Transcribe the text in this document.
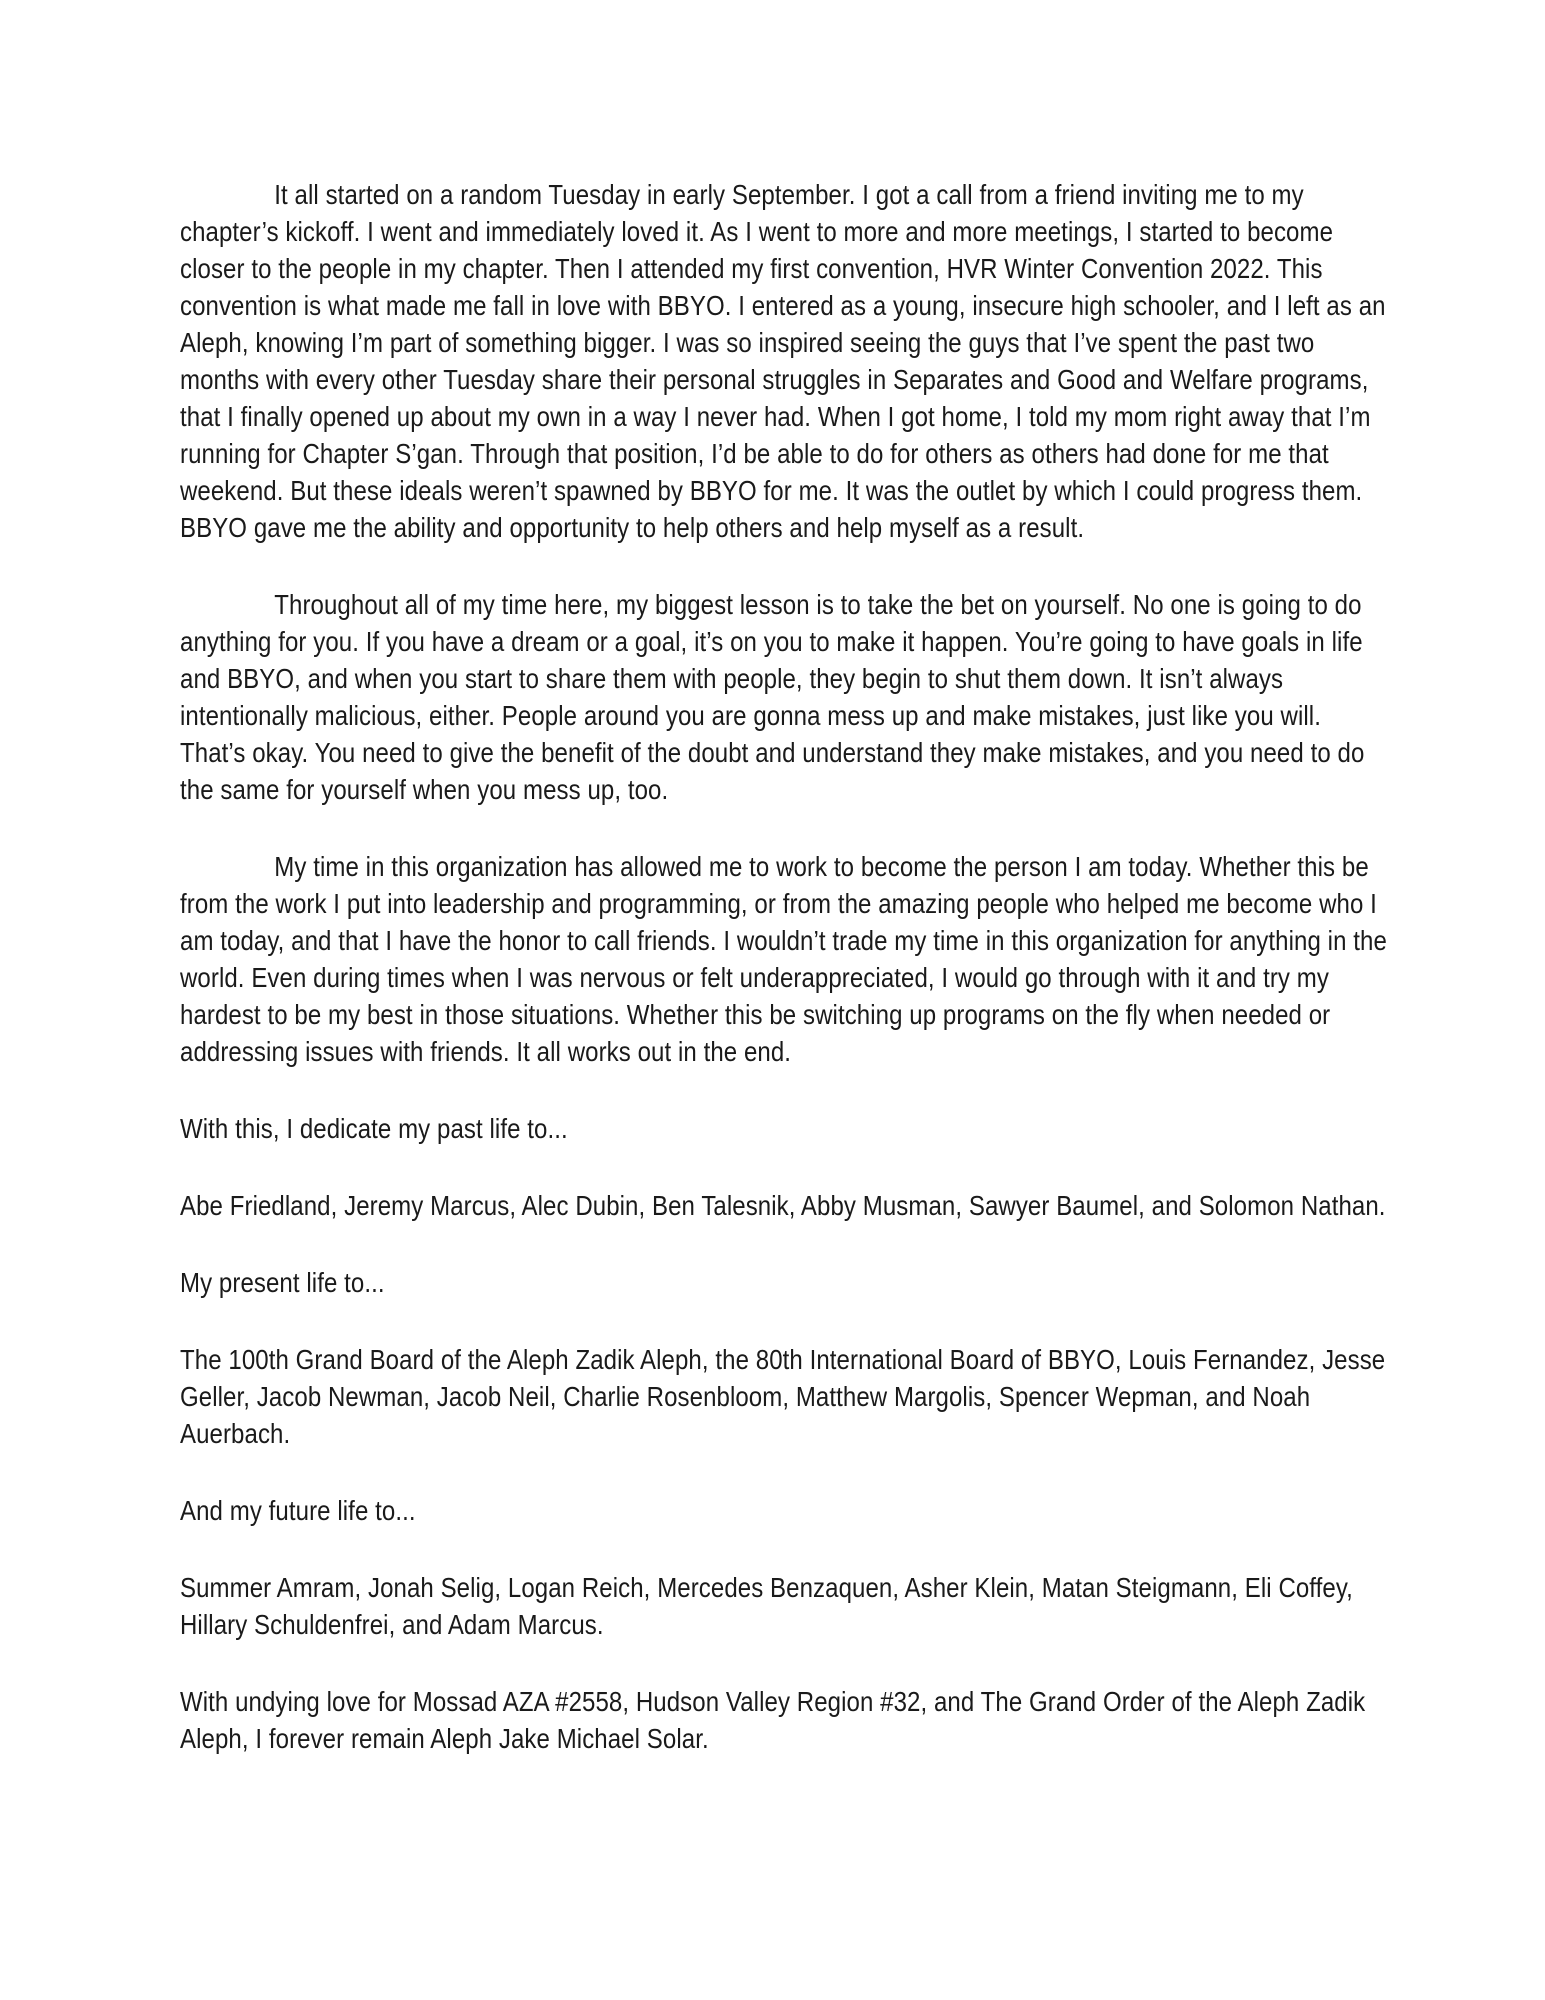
It all started on a random Tuesday in early September. I got a call from a friend inviting me to my chapter’s kickoff. I went and immediately loved it. As I went to more and more meetings, I started to become closer to the people in my chapter. Then I attended my first convention, HVR Winter Convention 2022. This convention is what made me fall in love with BBYO. I entered as a young, insecure high schooler, and I left as an Aleph, knowing I’m part of something bigger. I was so inspired seeing the guys that I’ve spent the past two months with every other Tuesday share their personal struggles in Separates and Good and Welfare programs, that I finally opened up about my own in a way I never had. When I got home, I told my mom right away that I’m running for Chapter S’gan. Through that position, I’d be able to do for others as others had done for me that weekend. But these ideals weren’t spawned by BBYO for me. It was the outlet by which I could progress them. BBYO gave me the ability and opportunity to help others and help myself as a result.

Throughout all of my time here, my biggest lesson is to take the bet on yourself. No one is going to do anything for you. If you have a dream or a goal, it’s on you to make it happen. You’re going to have goals in life and BBYO, and when you start to share them with people, they begin to shut them down. It isn’t always intentionally malicious, either. People around you are gonna mess up and make mistakes, just like you will. That’s okay. You need to give the benefit of the doubt and understand they make mistakes, and you need to do the same for yourself when you mess up, too.

My time in this organization has allowed me to work to become the person I am today. Whether this be from the work I put into leadership and programming, or from the amazing people who helped me become who I am today, and that I have the honor to call friends. I wouldn’t trade my time in this organization for anything in the world. Even during times when I was nervous or felt underappreciated, I would go through with it and try my hardest to be my best in those situations. Whether this be switching up programs on the fly when needed or addressing issues with friends. It all works out in the end.

With this, I dedicate my past life to...

Abe Friedland, Jeremy Marcus, Alec Dubin, Ben Talesnik, Abby Musman, Sawyer Baumel, and Solomon Nathan.

My present life to...

The 100th Grand Board of the Aleph Zadik Aleph, the 80th International Board of BBYO, Louis Fernandez, Jesse Geller, Jacob Newman, Jacob Neil, Charlie Rosenbloom, Matthew Margolis, Spencer Wepman, and Noah Auerbach.

And my future life to...

Summer Amram, Jonah Selig, Logan Reich, Mercedes Benzaquen, Asher Klein, Matan Steigmann, Eli Coffey, Hillary Schuldenfrei, and Adam Marcus.

With undying love for Mossad AZA #2558, Hudson Valley Region #32, and The Grand Order of the Aleph Zadik Aleph, I forever remain Aleph Jake Michael Solar.
